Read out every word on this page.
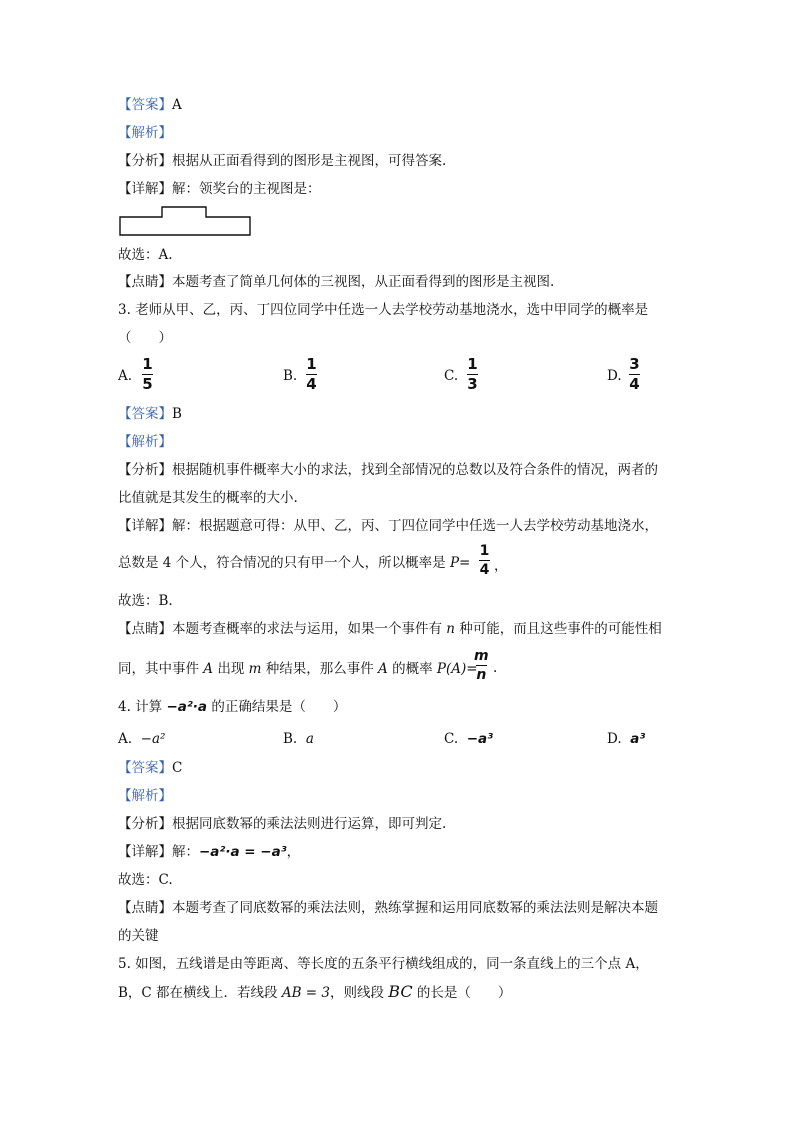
【答案】A
【解析】
【分析】根据从正面看得到的图形是主视图，可得答案.
【详解】解：领奖台的主视图是：
故选：A.
【点睛】本题考查了简单几何体的三视图，从正面看得到的图形是主视图.
3. 老师从甲、乙，丙、丁四位同学中任选一人去学校劳动基地浇水，选中甲同学的概率是
（　　）
A.
1
5	B.
1
4	C.
1
3	D.
3
4
【答案】B
【解析】
【分析】根据随机事件概率大小的求法，找到全部情况的总数以及符合条件的情况，两者的
比值就是其发生的概率的大小.
【详解】解：根据题意可得：从甲、乙，丙、丁四位同学中任选一人去学校劳动基地浇水，
总数是 4 个人，符合情况的只有甲一个人，所以概率是 P=
1
4 ，
故选：B.
【点睛】本题考查概率的求法与运用，如果一个事件有 n 种可能，而且这些事件的可能性相
同，其中事件 A 出现 m 种结果，那么事件 A 的概率 P(A)=
m
n .
4. 计算 −a²·a 的正确结果是（　　）
A. −a²	B. a	C. −a³	D. a³
【答案】C
【解析】
【分析】根据同底数幂的乘法法则进行运算，即可判定.
【详解】解：−a²·a = −a³，
故选：C.
【点睛】本题考查了同底数幂的乘法法则，熟练掌握和运用同底数幂的乘法法则是解决本题
的关键
5. 如图，五线谱是由等距离、等长度的五条平行横线组成的，同一条直线上的三个点 A，
B，C 都在横线上．若线段 AB = 3，则线段 BC 的长是（　　）
